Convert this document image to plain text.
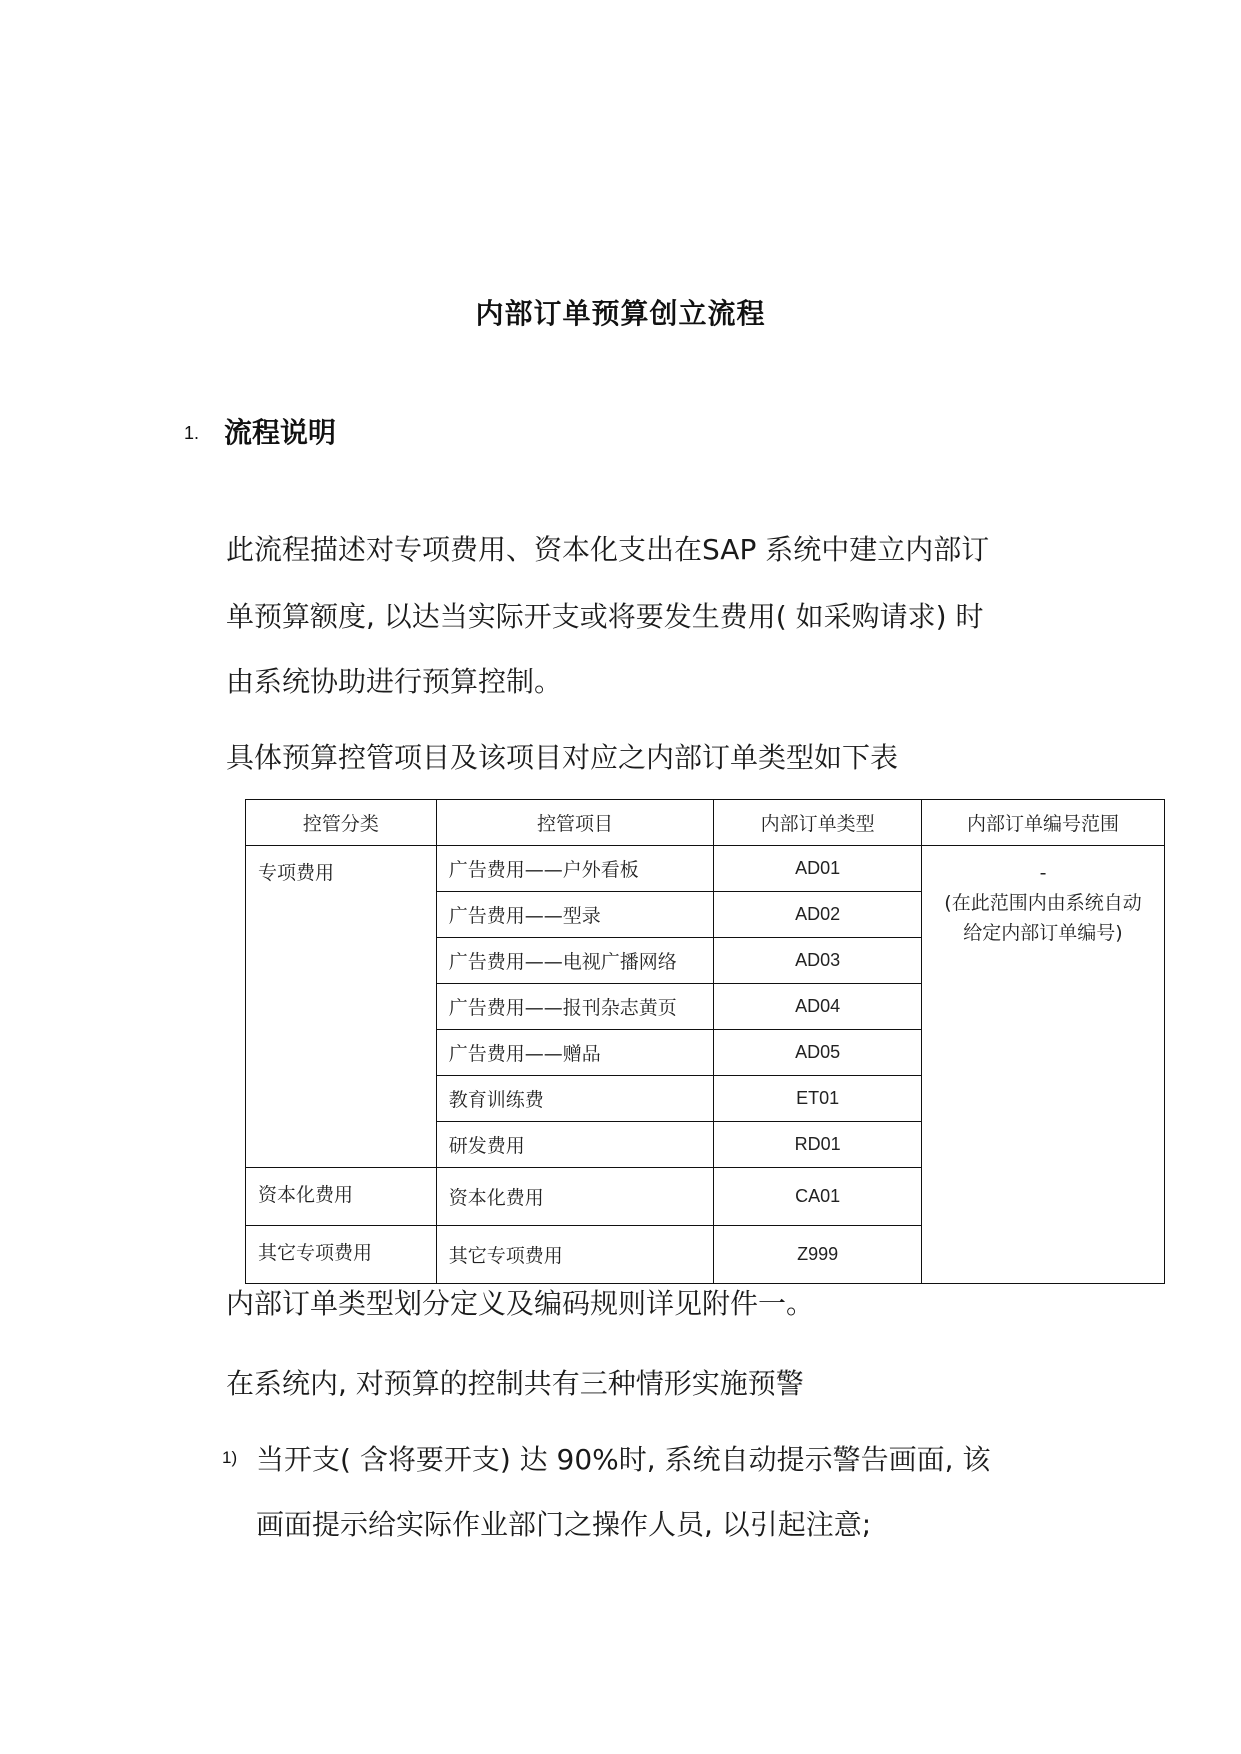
内部订单预算创立流程
1. 流程说明
此流程描述对专项费用、资本化支出在SAP 系统中建立内部订
单预算额度, 以达当实际开支或将要发生费用( 如采购请求) 时
由系统协助进行预算控制。
具体预算控管项目及该项目对应之内部订单类型如下表
控管分类	控管项目	内部订单类型	内部订单编号范围
专项费用	广告费用——户外看板	AD01	-
(在此范围内由系统自动给定内部订单编号)

	广告费用——型录	AD02	
	广告费用——电视广播网络	AD03	
	广告费用——报刊杂志黄页	AD04	
	广告费用——赠品	AD05	
	教育训练费	ET01	
	研发费用	RD01	
资本化费用	资本化费用	CA01	
其它专项费用	其它专项费用	Z999	
内部订单类型划分定义及编码规则详见附件一。
在系统内, 对预算的控制共有三种情形实施预警
1) 当开支( 含将要开支) 达 90%时, 系统自动提示警告画面, 该
画面提示给实际作业部门之操作人员, 以引起注意;
